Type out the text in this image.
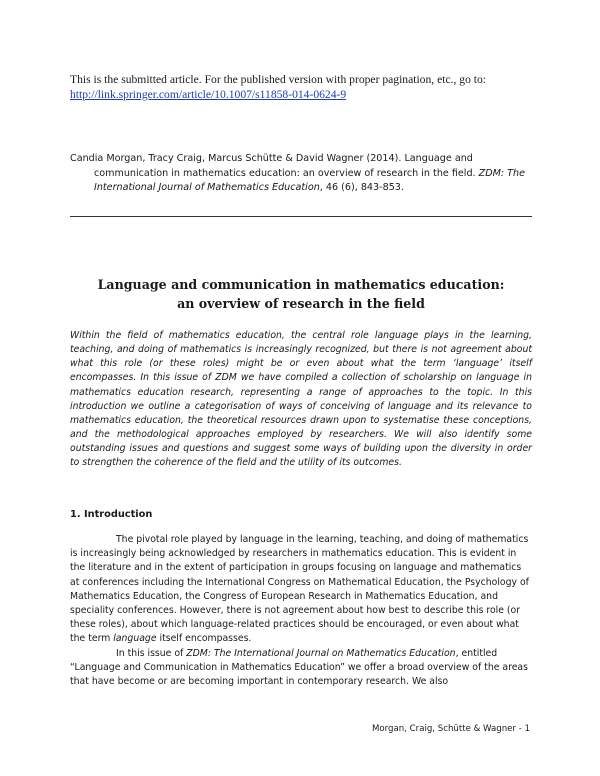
This is the submitted article. For the published version with proper pagination, etc., go to:
http://link.springer.com/article/10.1007/s11858-014-0624-9
Candia Morgan, Tracy Craig, Marcus Schütte & David Wagner (2014). Language and communication in mathematics education: an overview of research in the field. ZDM: The International Journal of Mathematics Education, 46 (6), 843-853.
Language and communication in mathematics education:
an overview of research in the field
Within the field of mathematics education, the central role language plays in the learning, teaching, and doing of mathematics is increasingly recognized, but there is not agreement about what this role (or these roles) might be or even about what the term ‘language’ itself encompasses. In this issue of ZDM we have compiled a collection of scholarship on language in mathematics education research, representing a range of approaches to the topic. In this introduction we outline a categorisation of ways of conceiving of language and its relevance to mathematics education, the theoretical resources drawn upon to systematise these conceptions, and the methodological approaches employed by researchers. We will also identify some outstanding issues and questions and suggest some ways of building upon the diversity in order to strengthen the coherence of the field and the utility of its outcomes.
1. Introduction

The pivotal role played by language in the learning, teaching, and doing of mathematics is increasingly being acknowledged by researchers in mathematics education. This is evident in the literature and in the extent of participation in groups focusing on language and mathematics at conferences including the International Congress on Mathematical Education, the Psychology of Mathematics Education, the Congress of European Research in Mathematics Education, and speciality conferences. However, there is not agreement about how best to describe this role (or these roles), about which language-related practices should be encouraged, or even about what the term language itself encompasses.

In this issue of ZDM: The International Journal on Mathematics Education, entitled “Language and Communication in Mathematics Education” we offer a broad overview of the areas that have become or are becoming important in contemporary research. We also

Morgan, Craig, Schütte & Wagner - 1
